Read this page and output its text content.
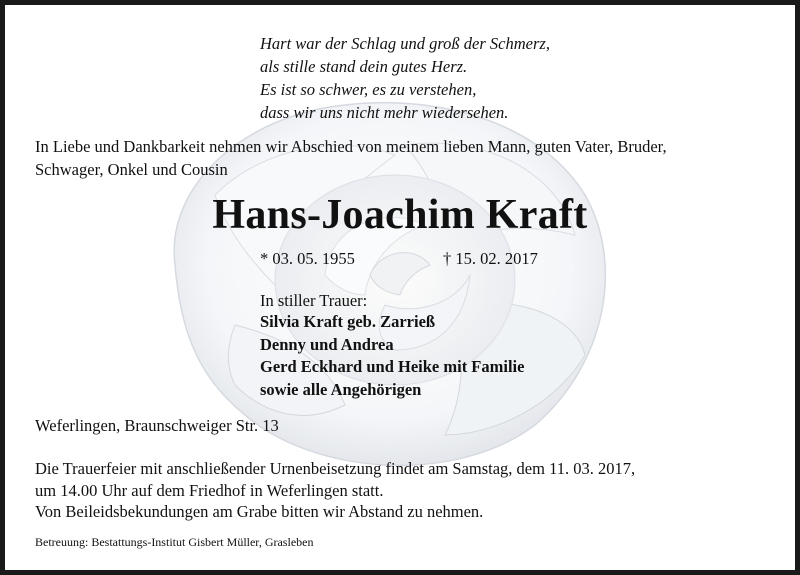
Hart war der Schlag und groß der Schmerz,
als stille stand dein gutes Herz.
Es ist so schwer, es zu verstehen,
dass wir uns nicht mehr wiedersehen.
In Liebe und Dankbarkeit nehmen wir Abschied von meinem lieben Mann, guten Vater, Bruder,
Schwager, Onkel und Cousin
Hans-Joachim Kraft
* 03. 05. 1955	† 15. 02. 2017
In stiller Trauer:
Silvia Kraft geb. Zarrieß
Denny und Andrea
Gerd Eckhard und Heike mit Familie
sowie alle Angehörigen
Weferlingen, Braunschweiger Str. 13
Die Trauerfeier mit anschließender Urnenbeisetzung findet am Samstag, dem 11. 03. 2017,
um 14.00 Uhr auf dem Friedhof in Weferlingen statt.
Von Beileidsbekundungen am Grabe bitten wir Abstand zu nehmen.
Betreuung: Bestattungs-Institut Gisbert Müller, Grasleben
